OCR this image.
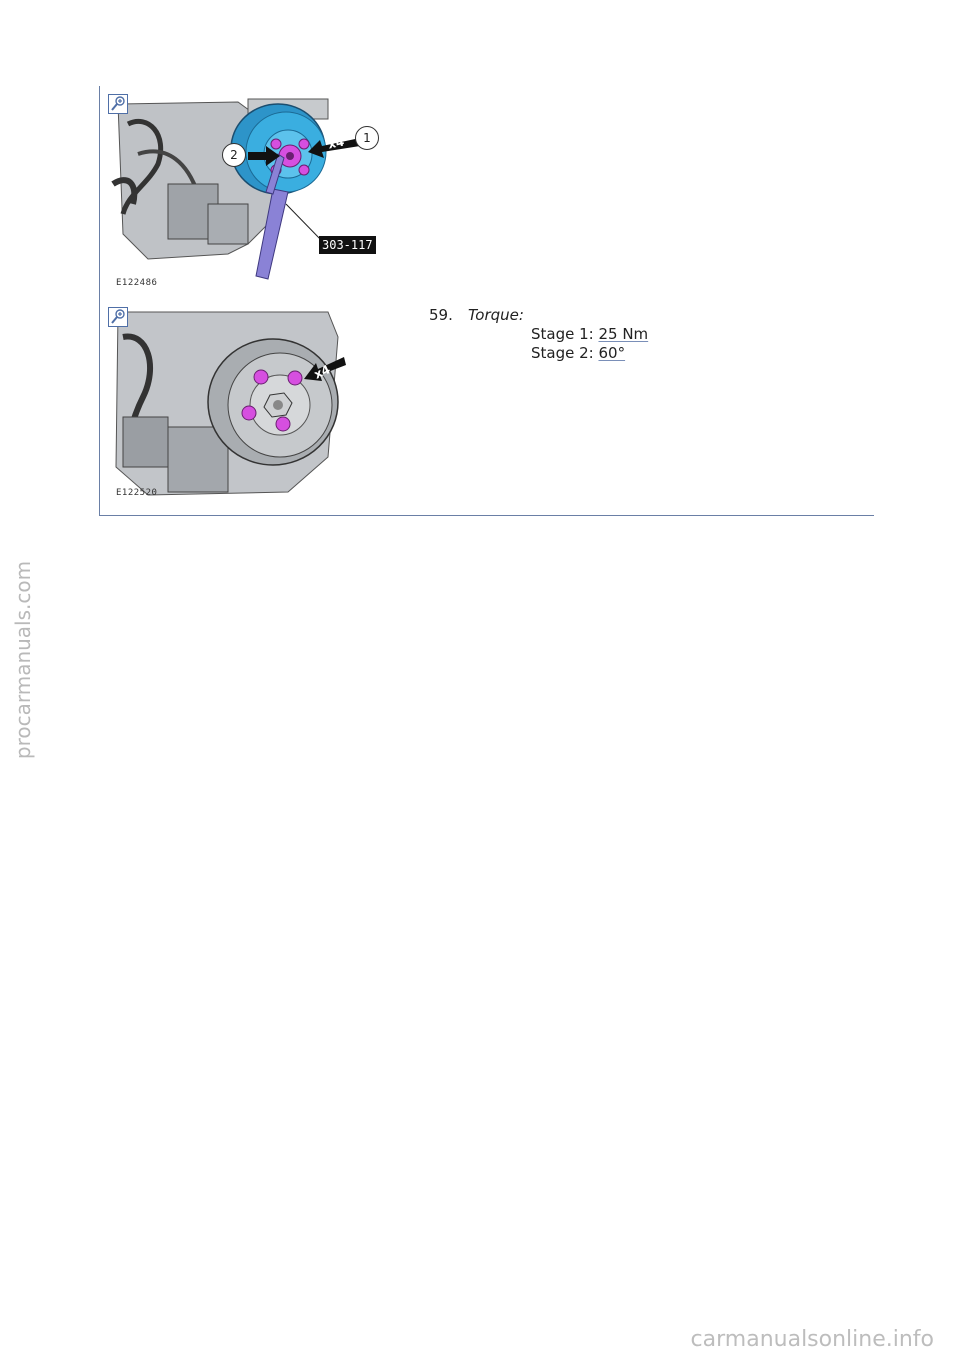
1
2
x4
303-117
E122486
x4
E122520
59. Torque:
Stage 1: 25 Nm
Stage 2: 60°
procarmanuals.com
carmanualsonline.info
